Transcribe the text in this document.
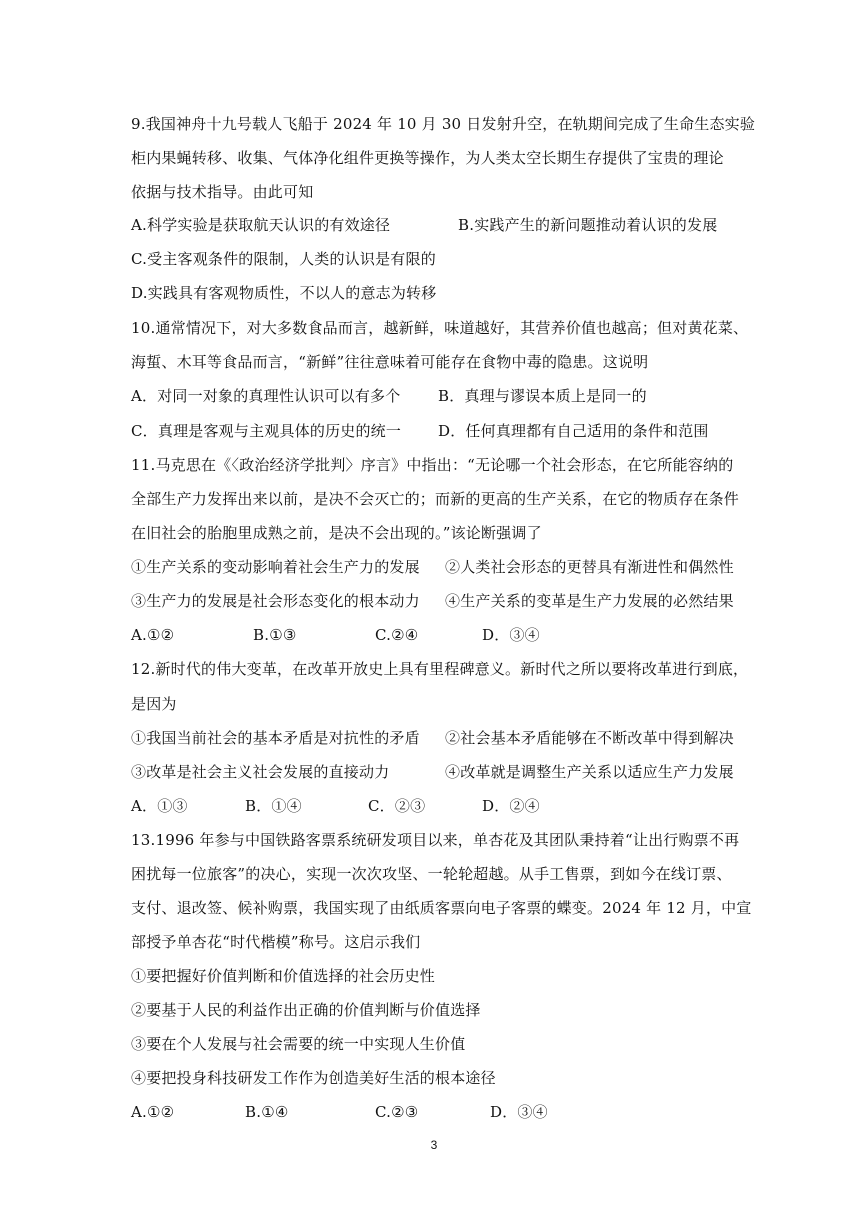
9.我国神舟十九号载人飞船于 2024 年 10 月 30 日发射升空，在轨期间完成了生命生态实验
柜内果蝇转移、收集、气体净化组件更换等操作，为人类太空长期生存提供了宝贵的理论
依据与技术指导。由此可知
A.科学实验是获取航天认识的有效途径	B.实践产生的新问题推动着认识的发展
C.受主客观条件的限制，人类的认识是有限的
D.实践具有客观物质性，不以人的意志为转移
10.通常情况下，对大多数食品而言，越新鲜，味道越好，其营养价值也越高；但对黄花菜、
海蜇、木耳等食品而言，“新鲜”往往意味着可能存在食物中毒的隐患。这说明
A．对同一对象的真理性认识可以有多个	B．真理与谬误本质上是同一的
C．真理是客观与主观具体的历史的统一 D．任何真理都有自己适用的条件和范围
11.马克思在《〈政治经济学批判〉序言》中指出：“无论哪一个社会形态，在它所能容纳的
全部生产力发挥出来以前，是决不会灭亡的；而新的更高的生产关系，在它的物质存在条件
在旧社会的胎胞里成熟之前，是决不会出现的。”该论断强调了
①生产关系的变动影响着社会生产力的发展 ②人类社会形态的更替具有渐进性和偶然性
③生产力的发展是社会形态变化的根本动力 ④生产关系的变革是生产力发展的必然结果
A.①②	B.①③	C.②④	D．③④
12.新时代的伟大变革，在改革开放史上具有里程碑意义。新时代之所以要将改革进行到底，
是因为
①我国当前社会的基本矛盾是对抗性的矛盾 ②社会基本矛盾能够在不断改革中得到解决
③改革是社会主义社会发展的直接动力	④改革就是调整生产关系以适应生产力发展
A．①③	B．①④	C．②③	D．②④
13.1996 年参与中国铁路客票系统研发项目以来，单杏花及其团队秉持着“让出行购票不再
困扰每一位旅客”的决心，实现一次次攻坚、一轮轮超越。从手工售票，到如今在线订票、
支付、退改签、候补购票，我国实现了由纸质客票向电子客票的蝶变。2024 年 12 月，中宣
部授予单杏花“时代楷模”称号。这启示我们
①要把握好价值判断和价值选择的社会历史性
②要基于人民的利益作出正确的价值判断与价值选择
③要在个人发展与社会需要的统一中实现人生价值
④要把投身科技研发工作作为创造美好生活的根本途径
A.①②	B.①④	C.②③	D．③④
3
